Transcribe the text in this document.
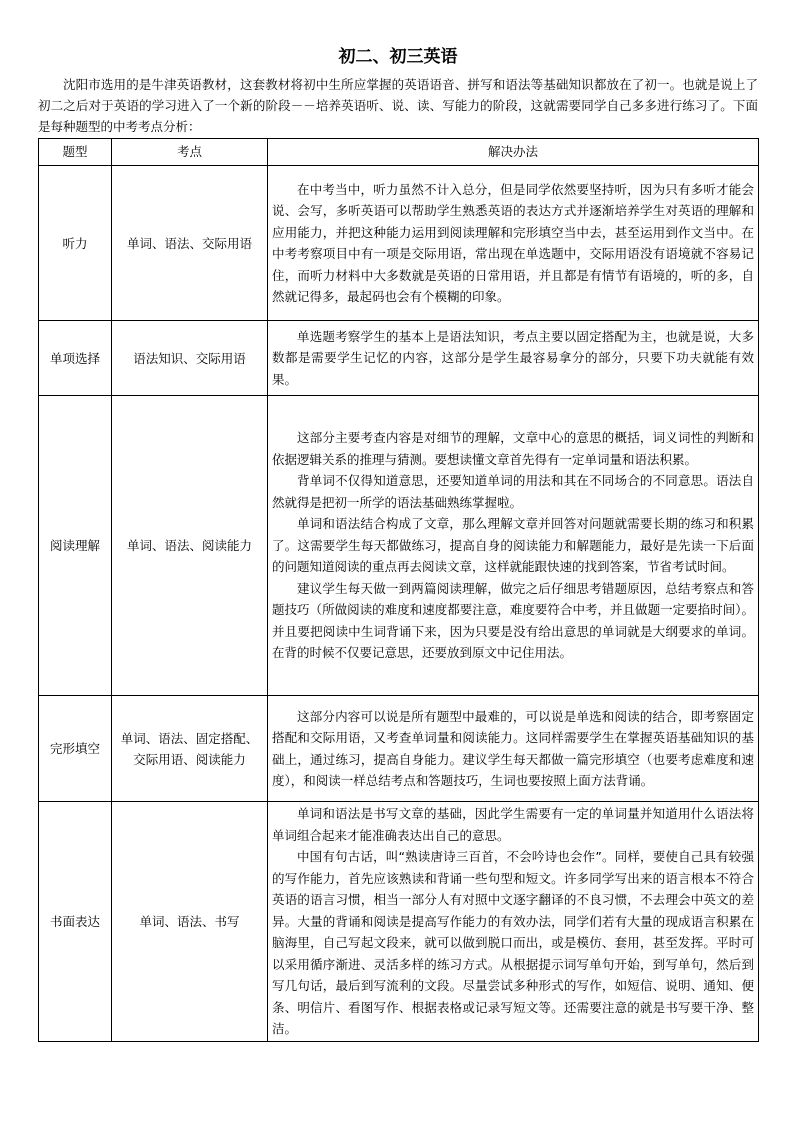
初二、初三英语

沈阳市选用的是牛津英语教材，这套教材将初中生所应掌握的英语语音、拼写和语法等基础知识都放在了初一。也就是说上了初二之后对于英语的学习进入了一个新的阶段－－培养英语听、说、读、写能力的阶段，这就需要同学自己多多进行练习了。下面是每种题型的中考考点分析：

题型	考点	解决办法
听力	单词、语法、交际用语	在中考当中，听力虽然不计入总分，但是同学依然要坚持听，因为只有多听才能会说、会写，多听英语可以帮助学生熟悉英语的表达方式并逐渐培养学生对英语的理解和应用能力，并把这种能力运用到阅读理解和完形填空当中去，甚至运用到作文当中。在中考考察项目中有一项是交际用语，常出现在单选题中，交际用语没有语境就不容易记住，而听力材料中大多数就是英语的日常用语，并且都是有情节有语境的，听的多，自然就记得多，最起码也会有个模糊的印象。

单项选择	语法知识、交际用语	单选题考察学生的基本上是语法知识，考点主要以固定搭配为主，也就是说，大多数都是需要学生记忆的内容，这部分是学生最容易拿分的部分，只要下功夫就能有效果。

阅读理解	单词、语法、阅读能力	这部分主要考查内容是对细节的理解，文章中心的意思的概括，词义词性的判断和依据逻辑关系的推理与猜测。要想读懂文章首先得有一定单词量和语法积累。

背单词不仅得知道意思，还要知道单词的用法和其在不同场合的不同意思。语法自然就得是把初一所学的语法基础熟练掌握啦。

单词和语法结合构成了文章，那么理解文章并回答对问题就需要长期的练习和积累了。这需要学生每天都做练习，提高自身的阅读能力和解题能力，最好是先读一下后面的问题知道阅读的重点再去阅读文章，这样就能跟快速的找到答案，节省考试时间。

建议学生每天做一到两篇阅读理解，做完之后仔细思考错题原因，总结考察点和答题技巧（所做阅读的难度和速度都要注意，难度要符合中考，并且做题一定要掐时间）。并且要把阅读中生词背诵下来，因为只要是没有给出意思的单词就是大纲要求的单词。在背的时候不仅要记意思，还要放到原文中记住用法。

完形填空	单词、语法、固定搭配、交际用语、阅读能力	这部分内容可以说是所有题型中最难的，可以说是单选和阅读的结合，即考察固定搭配和交际用语，又考查单词量和阅读能力。这同样需要学生在掌握英语基础知识的基础上，通过练习，提高自身能力。建议学生每天都做一篇完形填空（也要考虑难度和速度），和阅读一样总结考点和答题技巧，生词也要按照上面方法背诵。

书面表达	单词、语法、书写	单词和语法是书写文章的基础，因此学生需要有一定的单词量并知道用什么语法将单词组合起来才能准确表达出自己的意思。

中国有句古话，叫“熟读唐诗三百首，不会吟诗也会作”。同样，要使自己具有较强的写作能力，首先应该熟读和背诵一些句型和短文。许多同学写出来的语言根本不符合英语的语言习惯，相当一部分人有对照中文逐字翻译的不良习惯，不去理会中英文的差异。大量的背诵和阅读是提高写作能力的有效办法，同学们若有大量的现成语言积累在脑海里，自己写起文段来，就可以做到脱口而出，或是模仿、套用，甚至发挥。平时可以采用循序渐进、灵活多样的练习方式。从根据提示词写单句开始，到写单句，然后到写几句话，最后到写流利的文段。尽量尝试多种形式的写作，如短信、说明、通知、便条、明信片、看图写作、根据表格或记录写短文等。还需要注意的就是书写要干净、整洁。
